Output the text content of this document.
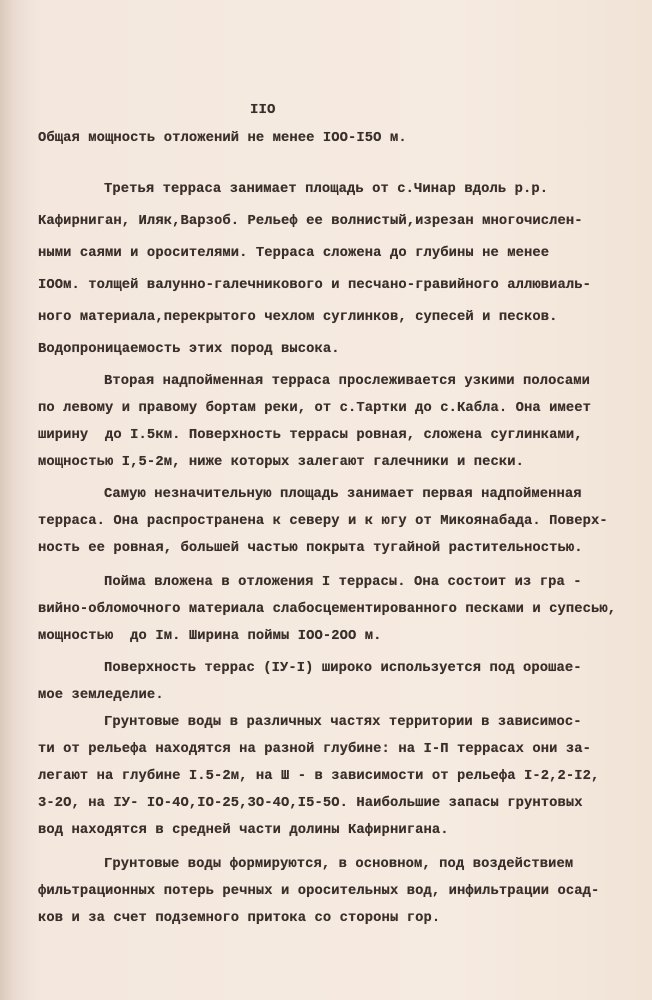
IIO
Общая мощность отложений не менее IOO-I5O м.
Третья терраса занимает площадь от с.Чинар вдоль р.р.
Кафирниган, Иляк,Варзоб. Рельеф ее волнистый,изрезан многочислен-
ными саями и оросителями. Терраса сложена до глубины не менее
IOOм. толщей валунно-галечникового и песчано-гравийного аллювиаль-
ного материала,перекрытого чехлом суглинков, супесей и песков.
Водопроницаемость этих пород высока.
Вторая надпойменная терраса прослеживается узкими полосами
по левому и правому бортам реки, от с.Тартки до с.Кабла. Она имеет
ширину  до I.5км. Поверхность террасы ровная, сложена суглинками,
мощностью I,5-2м, ниже которых залегают галечники и пески.
Самую незначительную площадь занимает первая надпойменная
терраса. Она распространена к северу и к югу от Микоянабада. Поверх-
ность ее ровная, большей частью покрыта тугайной растительностью.
Пойма вложена в отложения I террасы. Она состоит из гра -
вийно-обломочного материала слабосцементированного песками и супесью,
мощностью  до Iм. Ширина поймы IOO-2OO м.
Поверхность террас (IУ-I) широко используется под орошае-
мое земледелие.
Грунтовые воды в различных частях территории в зависимос-
ти от рельефа находятся на разной глубине: на I-П террасах они за-
легают на глубине I.5-2м, на Ш - в зависимости от рельефа I-2,2-I2,
3-2O, на IУ- IO-4O,IO-25,3O-4O,I5-5O. Наибольшие запасы грунтовых
вод находятся в средней части долины Кафирнигана.
Грунтовые воды формируются, в основном, под воздействием
фильтрационных потерь речных и оросительных вод, инфильтрации осад-
ков и за счет подземного притока со стороны гор.
